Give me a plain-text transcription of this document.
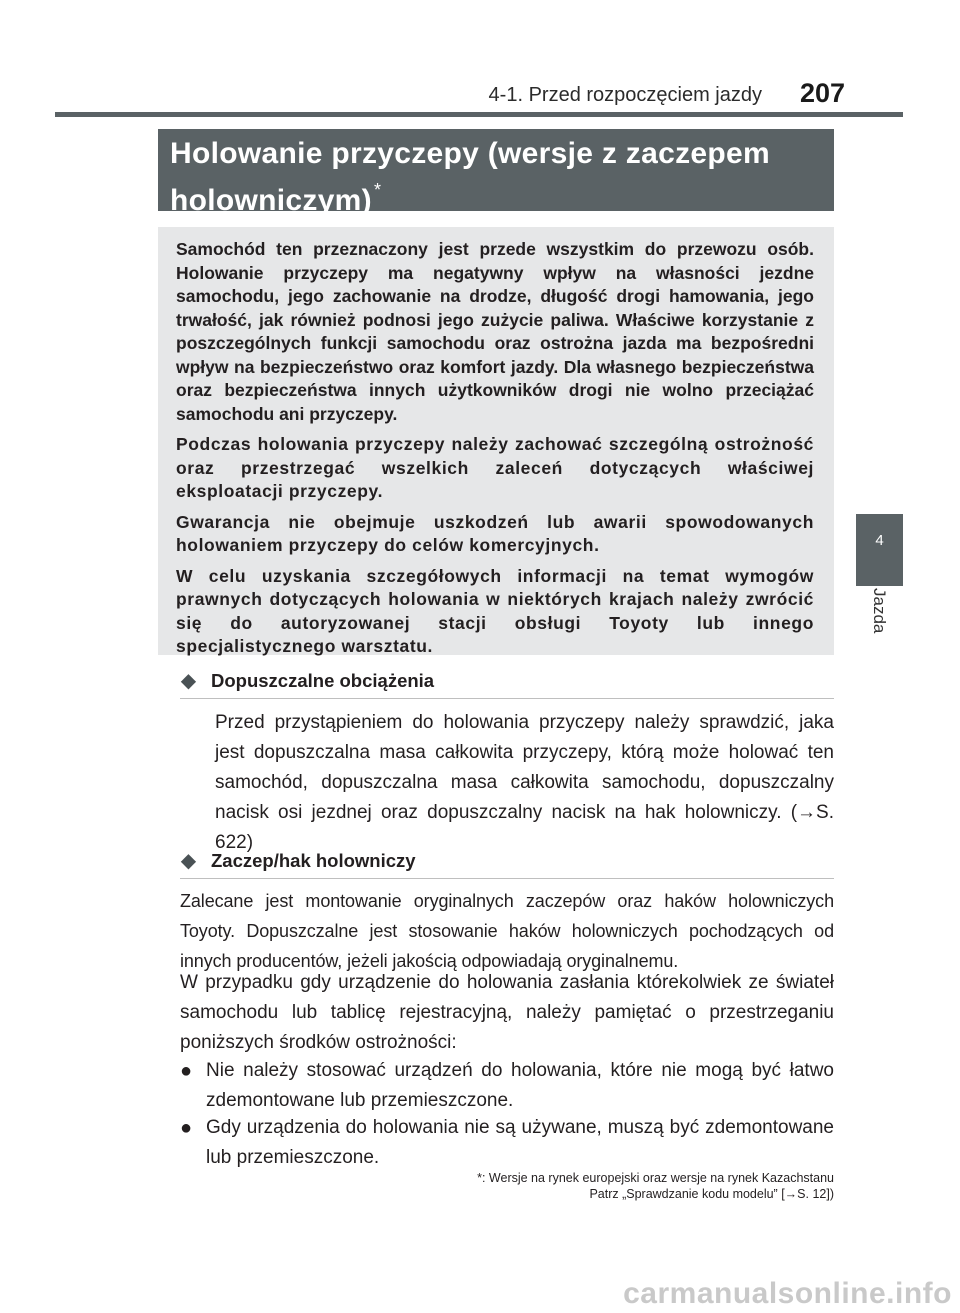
4-1. Przed rozpoczęciem jazdy 207
4
Jazda
Holowanie przyczepy (wersje z zaczepem holowniczym) *

Samochód ten przeznaczony jest przede wszystkim do przewozu osób. Holowanie przyczepy ma negatywny wpływ na własności jezdne samochodu, jego zachowanie na drodze, długość drogi hamowania, jego trwałość, jak również podnosi jego zużycie paliwa. Właściwe korzystanie z poszczególnych funkcji samochodu oraz ostrożna jazda ma bezpośredni wpływ na bezpieczeństwo oraz komfort jazdy. Dla własnego bezpieczeństwa oraz bezpieczeństwa innych użytkowników drogi nie wolno przeciążać samochodu ani przyczepy.

Podczas holowania przyczepy należy zachować szczególną ostrożność oraz przestrzegać wszelkich zaleceń dotyczących właściwej eksploatacji przyczepy.

Gwarancja nie obejmuje uszkodzeń lub awarii spowodowanych holowaniem przyczepy do celów komercyjnych.

W celu uzyskania szczegółowych informacji na temat wymogów prawnych dotyczących holowania w niektórych krajach należy zwrócić się do autoryzowanej stacji obsługi Toyoty lub innego specjalistycznego warsztatu.

◆ Dopuszczalne obciążenia
Przed przystąpieniem do holowania przyczepy należy sprawdzić, jaka jest dopuszczalna masa całkowita przyczepy, którą może holować ten samochód, dopuszczalna masa całkowita samochodu, dopuszczalny nacisk osi jezdnej oraz dopuszczalny nacisk na hak holowniczy. (→S. 622)
◆ Zaczep/hak holowniczy
Zalecane jest montowanie oryginalnych zaczepów oraz haków holowniczych Toyoty. Dopuszczalne jest stosowanie haków holowniczych pochodzących od innych producentów, jeżeli jakością odpowiadają oryginalnemu.
W przypadku gdy urządzenie do holowania zasłania którekolwiek ze świateł samochodu lub tablicę rejestracyjną, należy pamiętać o przestrzeganiu poniższych środków ostrożności:
● Nie należy stosować urządzeń do holowania, które nie mogą być łatwo zdemontowane lub przemieszczone.
● Gdy urządzenia do holowania nie są używane, muszą być zdemontowane lub przemieszczone.
*: Wersje na rynek europejski oraz wersje na rynek Kazachstanu
Patrz „Sprawdzanie kodu modelu” [→S. 12])
carmanualsonline.info
